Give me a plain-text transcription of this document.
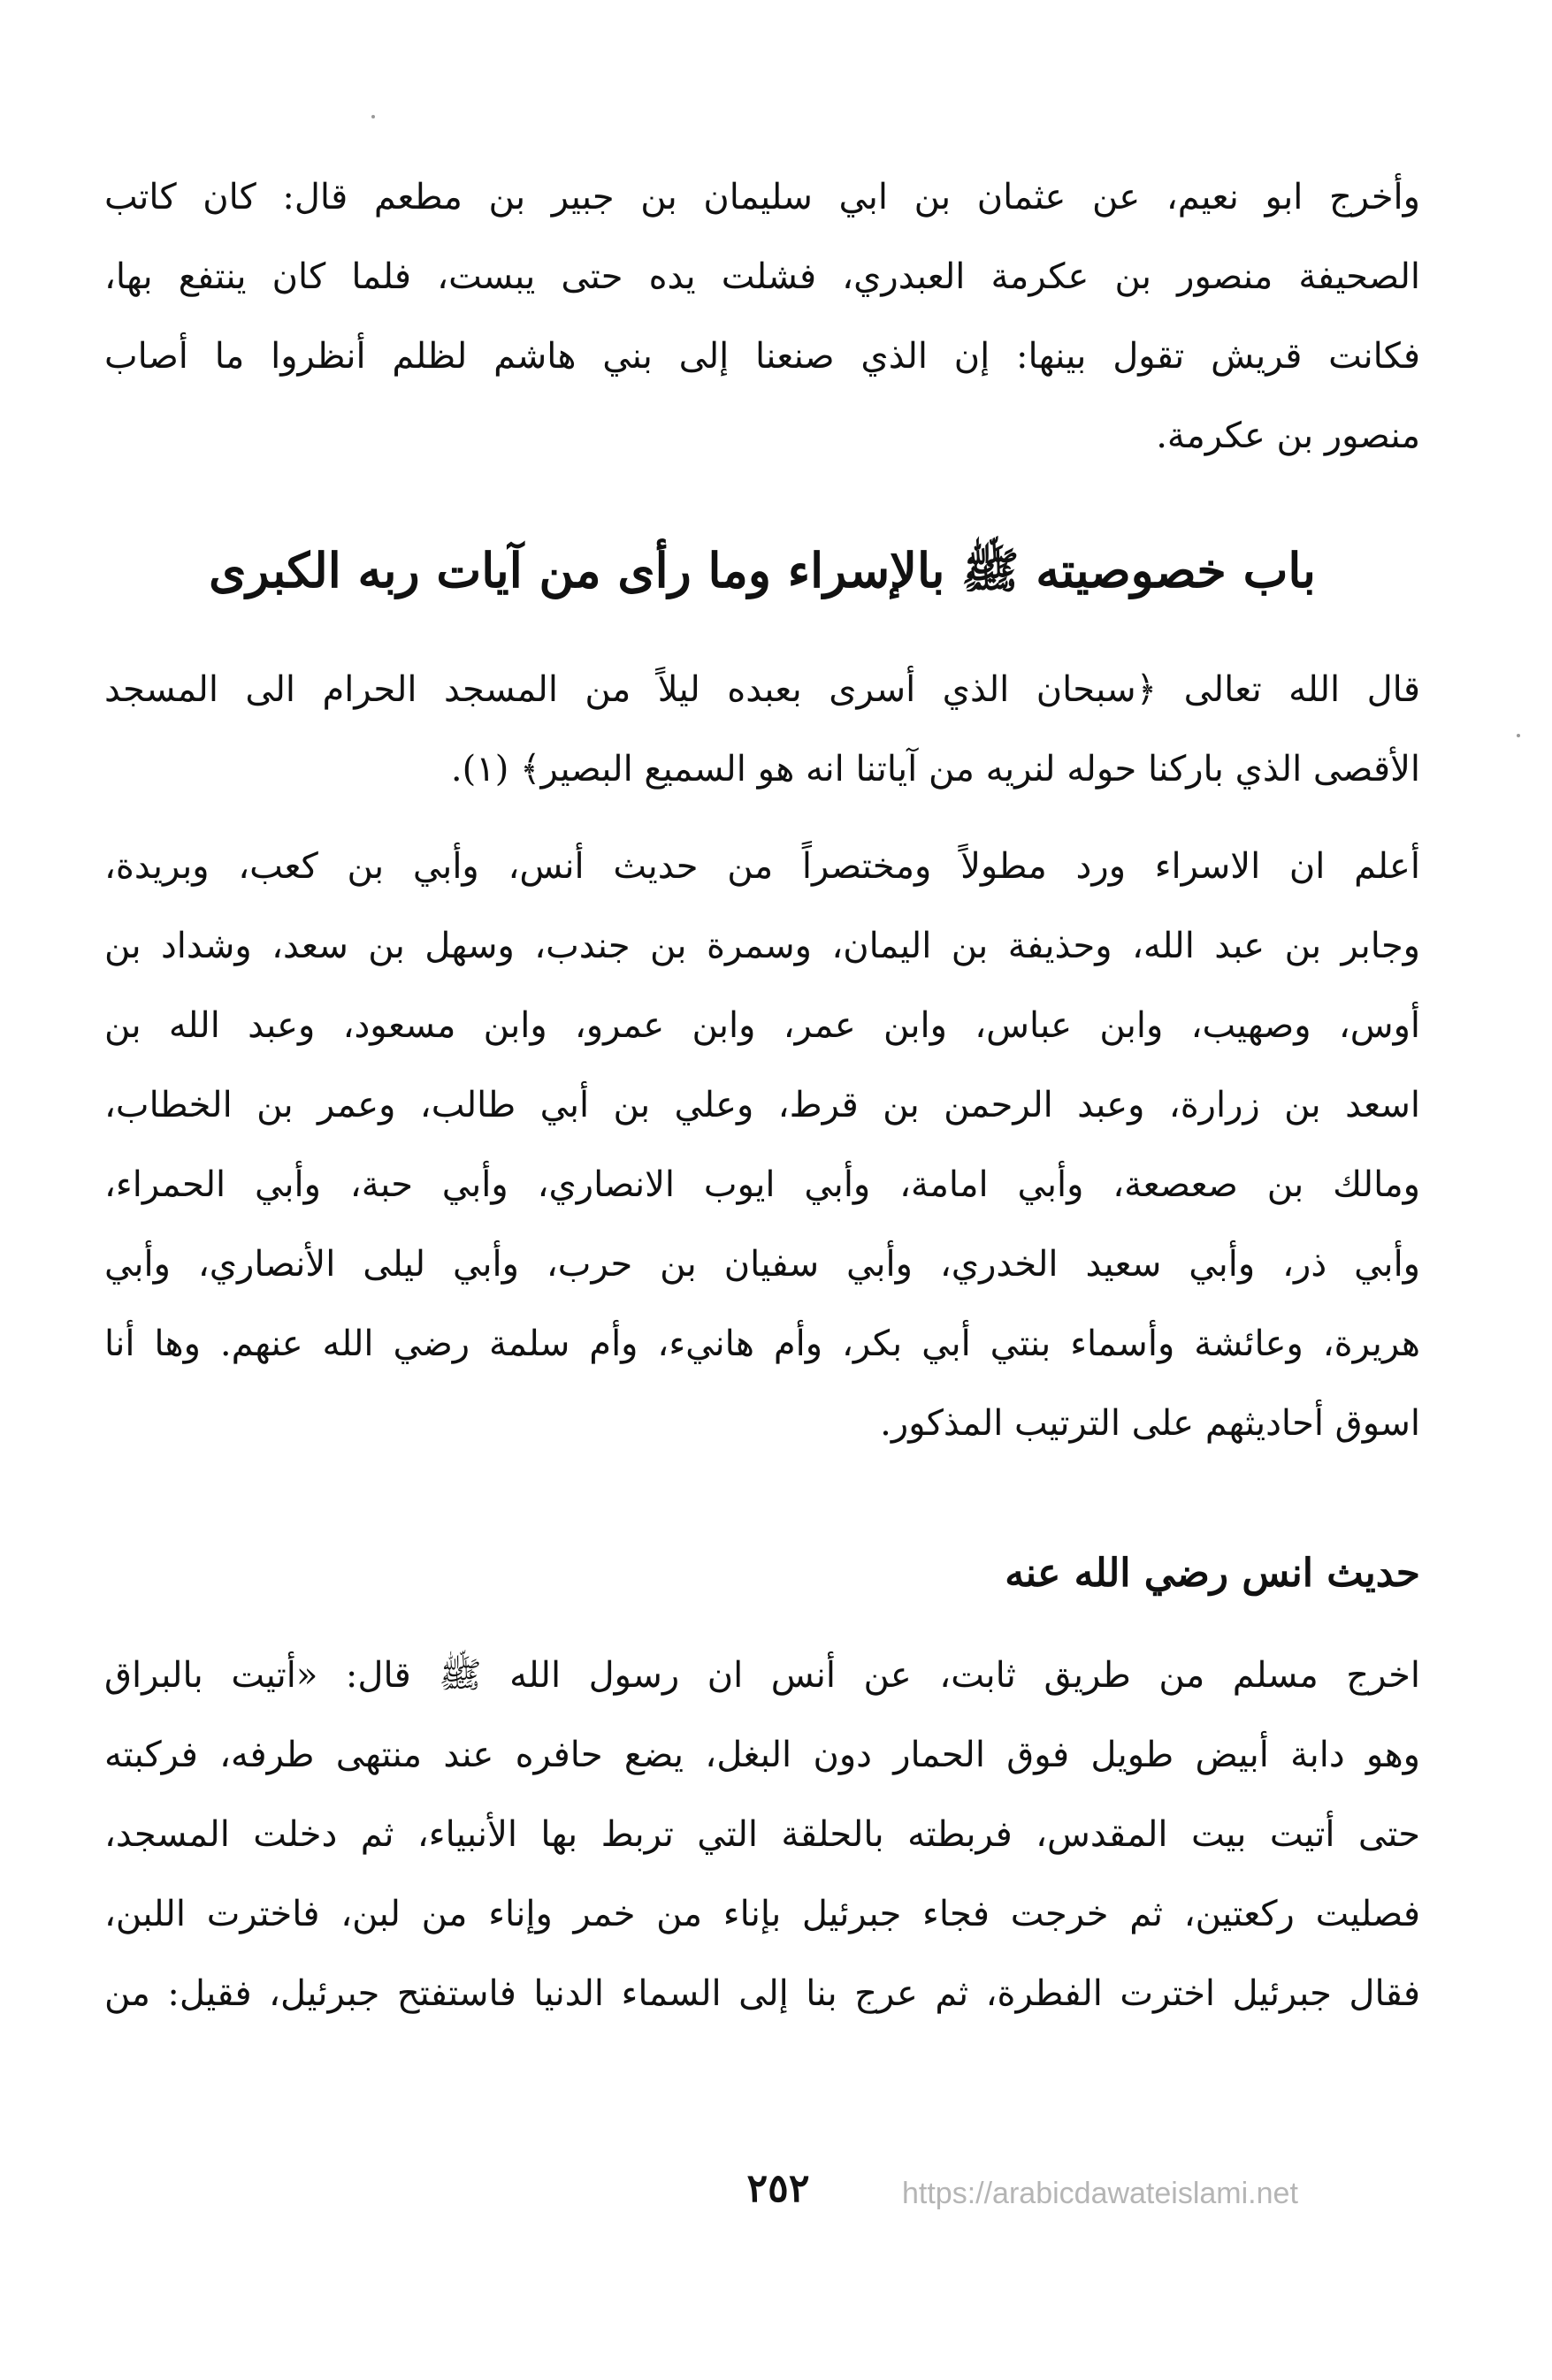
وأخرج ابو نعيم، عن عثمان بن ابي سليمان بن جبير بن مطعم قال: كان كاتب
الصحيفة منصور بن عكرمة العبدري، فشلت يده حتى يبست، فلما كان ينتفع بها،
فكانت قريش تقول بينها: إن الذي صنعنا إلى بني هاشم لظلم أنظروا ما أصاب
منصور بن عكرمة.
باب خصوصيته ﷺ بالإسراء وما رأى من آيات ربه الكبرى
قال الله تعالى ﴿سبحان الذي أسرى بعبده ليلاً من المسجد الحرام الى المسجد
الأقصى الذي باركنا حوله لنريه من آياتنا انه هو السميع البصير﴾ (١).
أعلم ان الاسراء ورد مطولاً ومختصراً من حديث أنس، وأبي بن كعب، وبريدة،
وجابر بن عبد الله، وحذيفة بن اليمان، وسمرة بن جندب، وسهل بن سعد، وشداد بن
أوس، وصهيب، وابن عباس، وابن عمر، وابن عمرو، وابن مسعود، وعبد الله بن
اسعد بن زرارة، وعبد الرحمن بن قرط، وعلي بن أبي طالب، وعمر بن الخطاب،
ومالك بن صعصعة، وأبي امامة، وأبي ايوب الانصاري، وأبي حبة، وأبي الحمراء،
وأبي ذر، وأبي سعيد الخدري، وأبي سفيان بن حرب، وأبي ليلى الأنصاري، وأبي
هريرة، وعائشة وأسماء بنتي أبي بكر، وأم هانيء، وأم سلمة رضي الله عنهم. وها أنا
اسوق أحاديثهم على الترتيب المذكور.
حديث انس رضي الله عنه
اخرج مسلم من طريق ثابت، عن أنس ان رسول الله ﷺ قال: «أتيت بالبراق
وهو دابة أبيض طويل فوق الحمار دون البغل، يضع حافره عند منتهى طرفه، فركبته
حتى أتيت بيت المقدس، فربطته بالحلقة التي تربط بها الأنبياء، ثم دخلت المسجد،
فصليت ركعتين، ثم خرجت فجاء جبرئيل بإناء من خمر وإناء من لبن، فاخترت اللبن،
فقال جبرئيل اخترت الفطرة، ثم عرج بنا إلى السماء الدنيا فاستفتح جبرئيل، فقيل: من
٢٥٢	https://arabicdawateislami.net
